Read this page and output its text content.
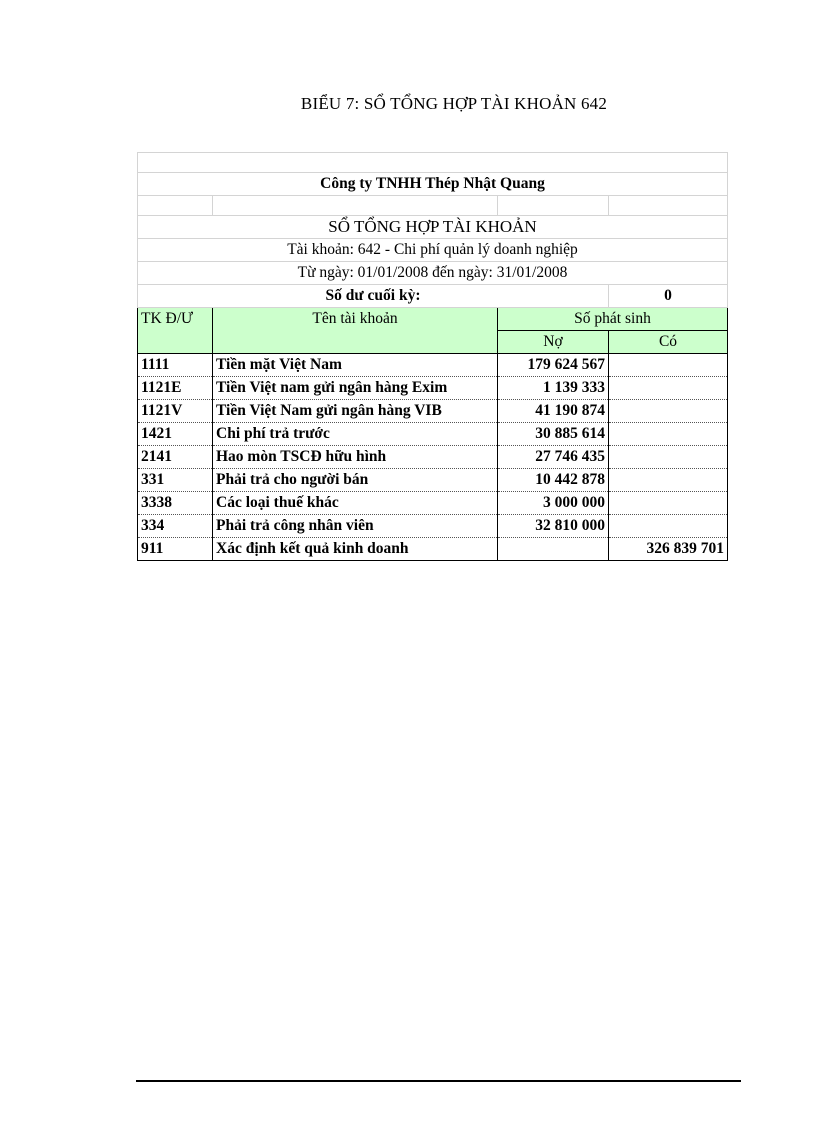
BIỂU 7: SỔ TỔNG HỢP TÀI KHOẢN 642

Công ty TNHH Thép Nhật Quang			

SỔ TỔNG HỢP TÀI KHOẢN			
Tài khoản: 642 - Chi phí quản lý doanh nghiệp			
Từ ngày: 01/01/2008 đến ngày: 31/01/2008			
Số dư cuối kỳ:			0
TK Đ/Ư	Tên tài khoản	Số phát sinh	
		Nợ	Có
1111	Tiền mặt Việt Nam	179 624 567	
1121E	Tiền Việt nam gửi ngân hàng Exim	1 139 333	
1121V	Tiền Việt Nam gửi ngân hàng VIB	41 190 874	
1421	Chi phí trả trước	30 885 614	
2141	Hao mòn TSCĐ hữu hình	27 746 435	
331	Phải trả cho người bán	10 442 878	
3338	Các loại thuế khác	3 000 000	
334	Phải trả công nhân viên	32 810 000	
911	Xác định kết quả kinh doanh		326 839 701
